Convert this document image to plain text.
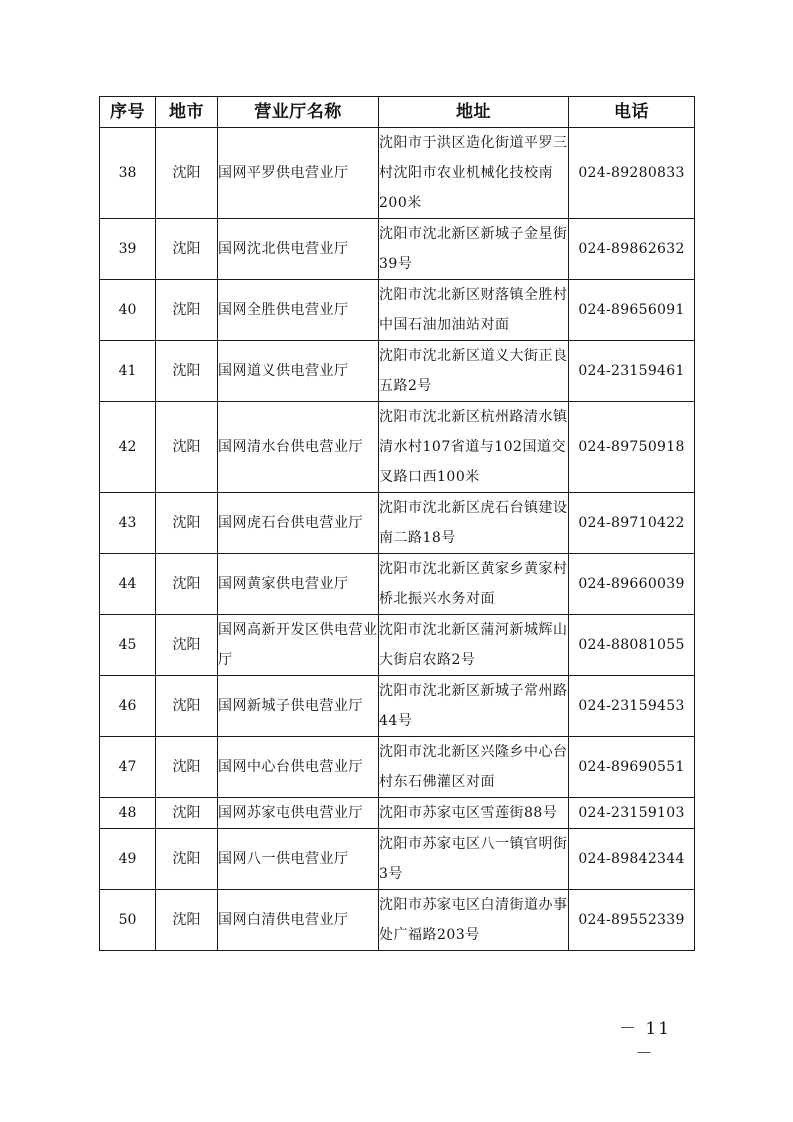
序号	地市	营业厅名称	地址	电话
38	沈阳	国网平罗供电营业厅	沈阳市于洪区造化街道平罗三村沈阳市农业机械化技校南200米	024-89280833
39	沈阳	国网沈北供电营业厅	沈阳市沈北新区新城子金星街39号	024-89862632
40	沈阳	国网全胜供电营业厅	沈阳市沈北新区财落镇全胜村中国石油加油站对面	024-89656091
41	沈阳	国网道义供电营业厅	沈阳市沈北新区道义大街正良五路2号	024-23159461
42	沈阳	国网清水台供电营业厅	沈阳市沈北新区杭州路清水镇清水村107省道与102国道交叉路口西100米	024-89750918
43	沈阳	国网虎石台供电营业厅	沈阳市沈北新区虎石台镇建设南二路18号	024-89710422
44	沈阳	国网黄家供电营业厅	沈阳市沈北新区黄家乡黄家村桥北振兴水务对面	024-89660039
45	沈阳	国网高新开发区供电营业厅	沈阳市沈北新区蒲河新城辉山大街启农路2号	024-88081055
46	沈阳	国网新城子供电营业厅	沈阳市沈北新区新城子常州路44号	024-23159453
47	沈阳	国网中心台供电营业厅	沈阳市沈北新区兴隆乡中心台村东石佛灌区对面	024-89690551
48	沈阳	国网苏家屯供电营业厅	沈阳市苏家屯区雪莲街88号	024-23159103
49	沈阳	国网八一供电营业厅	沈阳市苏家屯区八一镇官明街3号	024-89842344
50	沈阳	国网白清供电营业厅	沈阳市苏家屯区白清街道办事处广福路203号	024-89552339
－ 11 －
